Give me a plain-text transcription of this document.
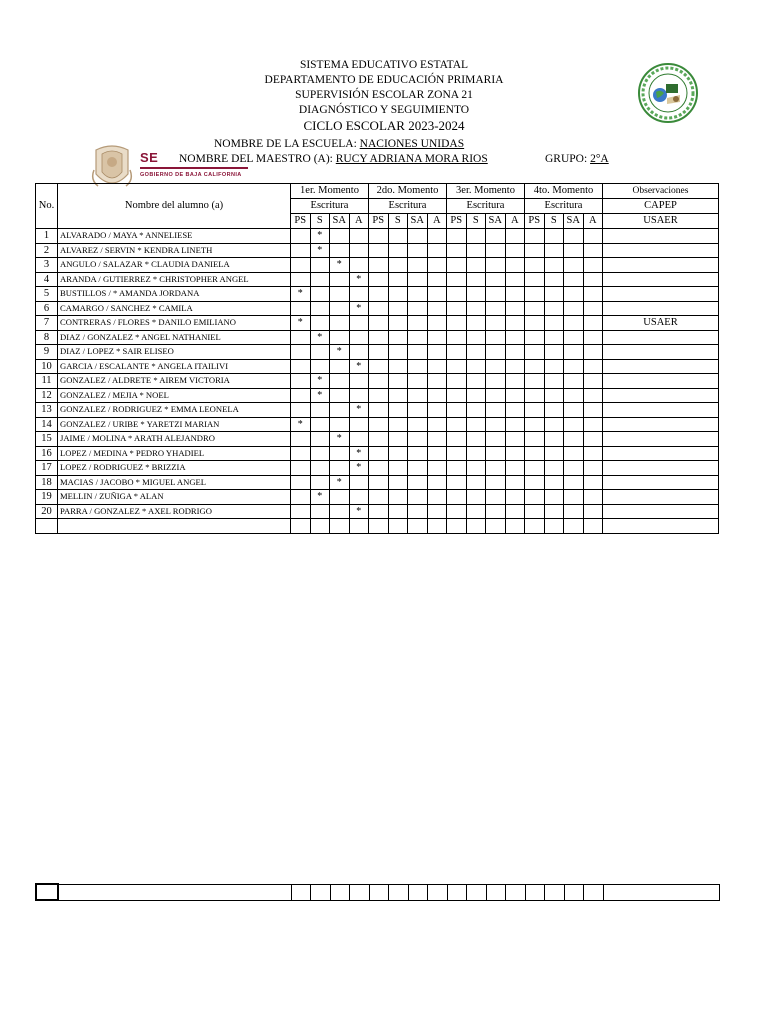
SE
GOBIERNO DE BAJA CALIFORNIA
SISTEMA EDUCATIVO ESTATAL
DEPARTAMENTO DE EDUCACIÓN PRIMARIA
SUPERVISIÓN ESCOLAR ZONA 21
DIAGNÓSTICO Y SEGUIMIENTO
CICLO ESCOLAR 2023-2024
NOMBRE DE LA ESCUELA: NACIONES UNIDAS
NOMBRE DEL MAESTRO (A): RUCY ADRIANA MORA RIOS	GRUPO: 2°A
No.	Nombre del alumno (a)	1er. Momento				2do. Momento				3er. Momento				4to. Momento				Observaciones
		Escritura				Escritura				Escritura				Escritura				CAPEP
		PS	S	SA	A	PS	S	SA	A	PS	S	SA	A	PS	S	SA	A	USAER
1	ALVARADO / MAYA * ANNELIESE		*															
2	ALVAREZ / SERVIN * KENDRA LINETH		*															
3	ANGULO / SALAZAR * CLAUDIA DANIELA			*														
4	ARANDA / GUTIERREZ * CHRISTOPHER ANGEL				*													
5	BUSTILLOS / * AMANDA JORDANA	*																
6	CAMARGO / SANCHEZ * CAMILA				*													
7	CONTRERAS / FLORES * DANILO EMILIANO	*																USAER
8	DIAZ / GONZALEZ * ANGEL NATHANIEL		*															
9	DIAZ / LOPEZ * SAIR ELISEO			*														
10	GARCIA / ESCALANTE * ANGELA ITAILIVI				*													
11	GONZALEZ / ALDRETE * AIREM VICTORIA		*															
12	GONZALEZ / MEJIA * NOEL		*															
13	GONZALEZ / RODRIGUEZ * EMMA LEONELA				*													
14	GONZALEZ / URIBE * YARETZI MARIAN	*																
15	JAIME / MOLINA * ARATH ALEJANDRO			*														
16	LOPEZ / MEDINA * PEDRO YHADIEL				*													
17	LOPEZ / RODRIGUEZ * BRIZZIA				*													
18	MACIAS / JACOBO * MIGUEL ANGEL			*														
19	MELLIN / ZUÑIGA * ALAN		*															
20	PARRA / GONZALEZ * AXEL RODRIGO				*													
